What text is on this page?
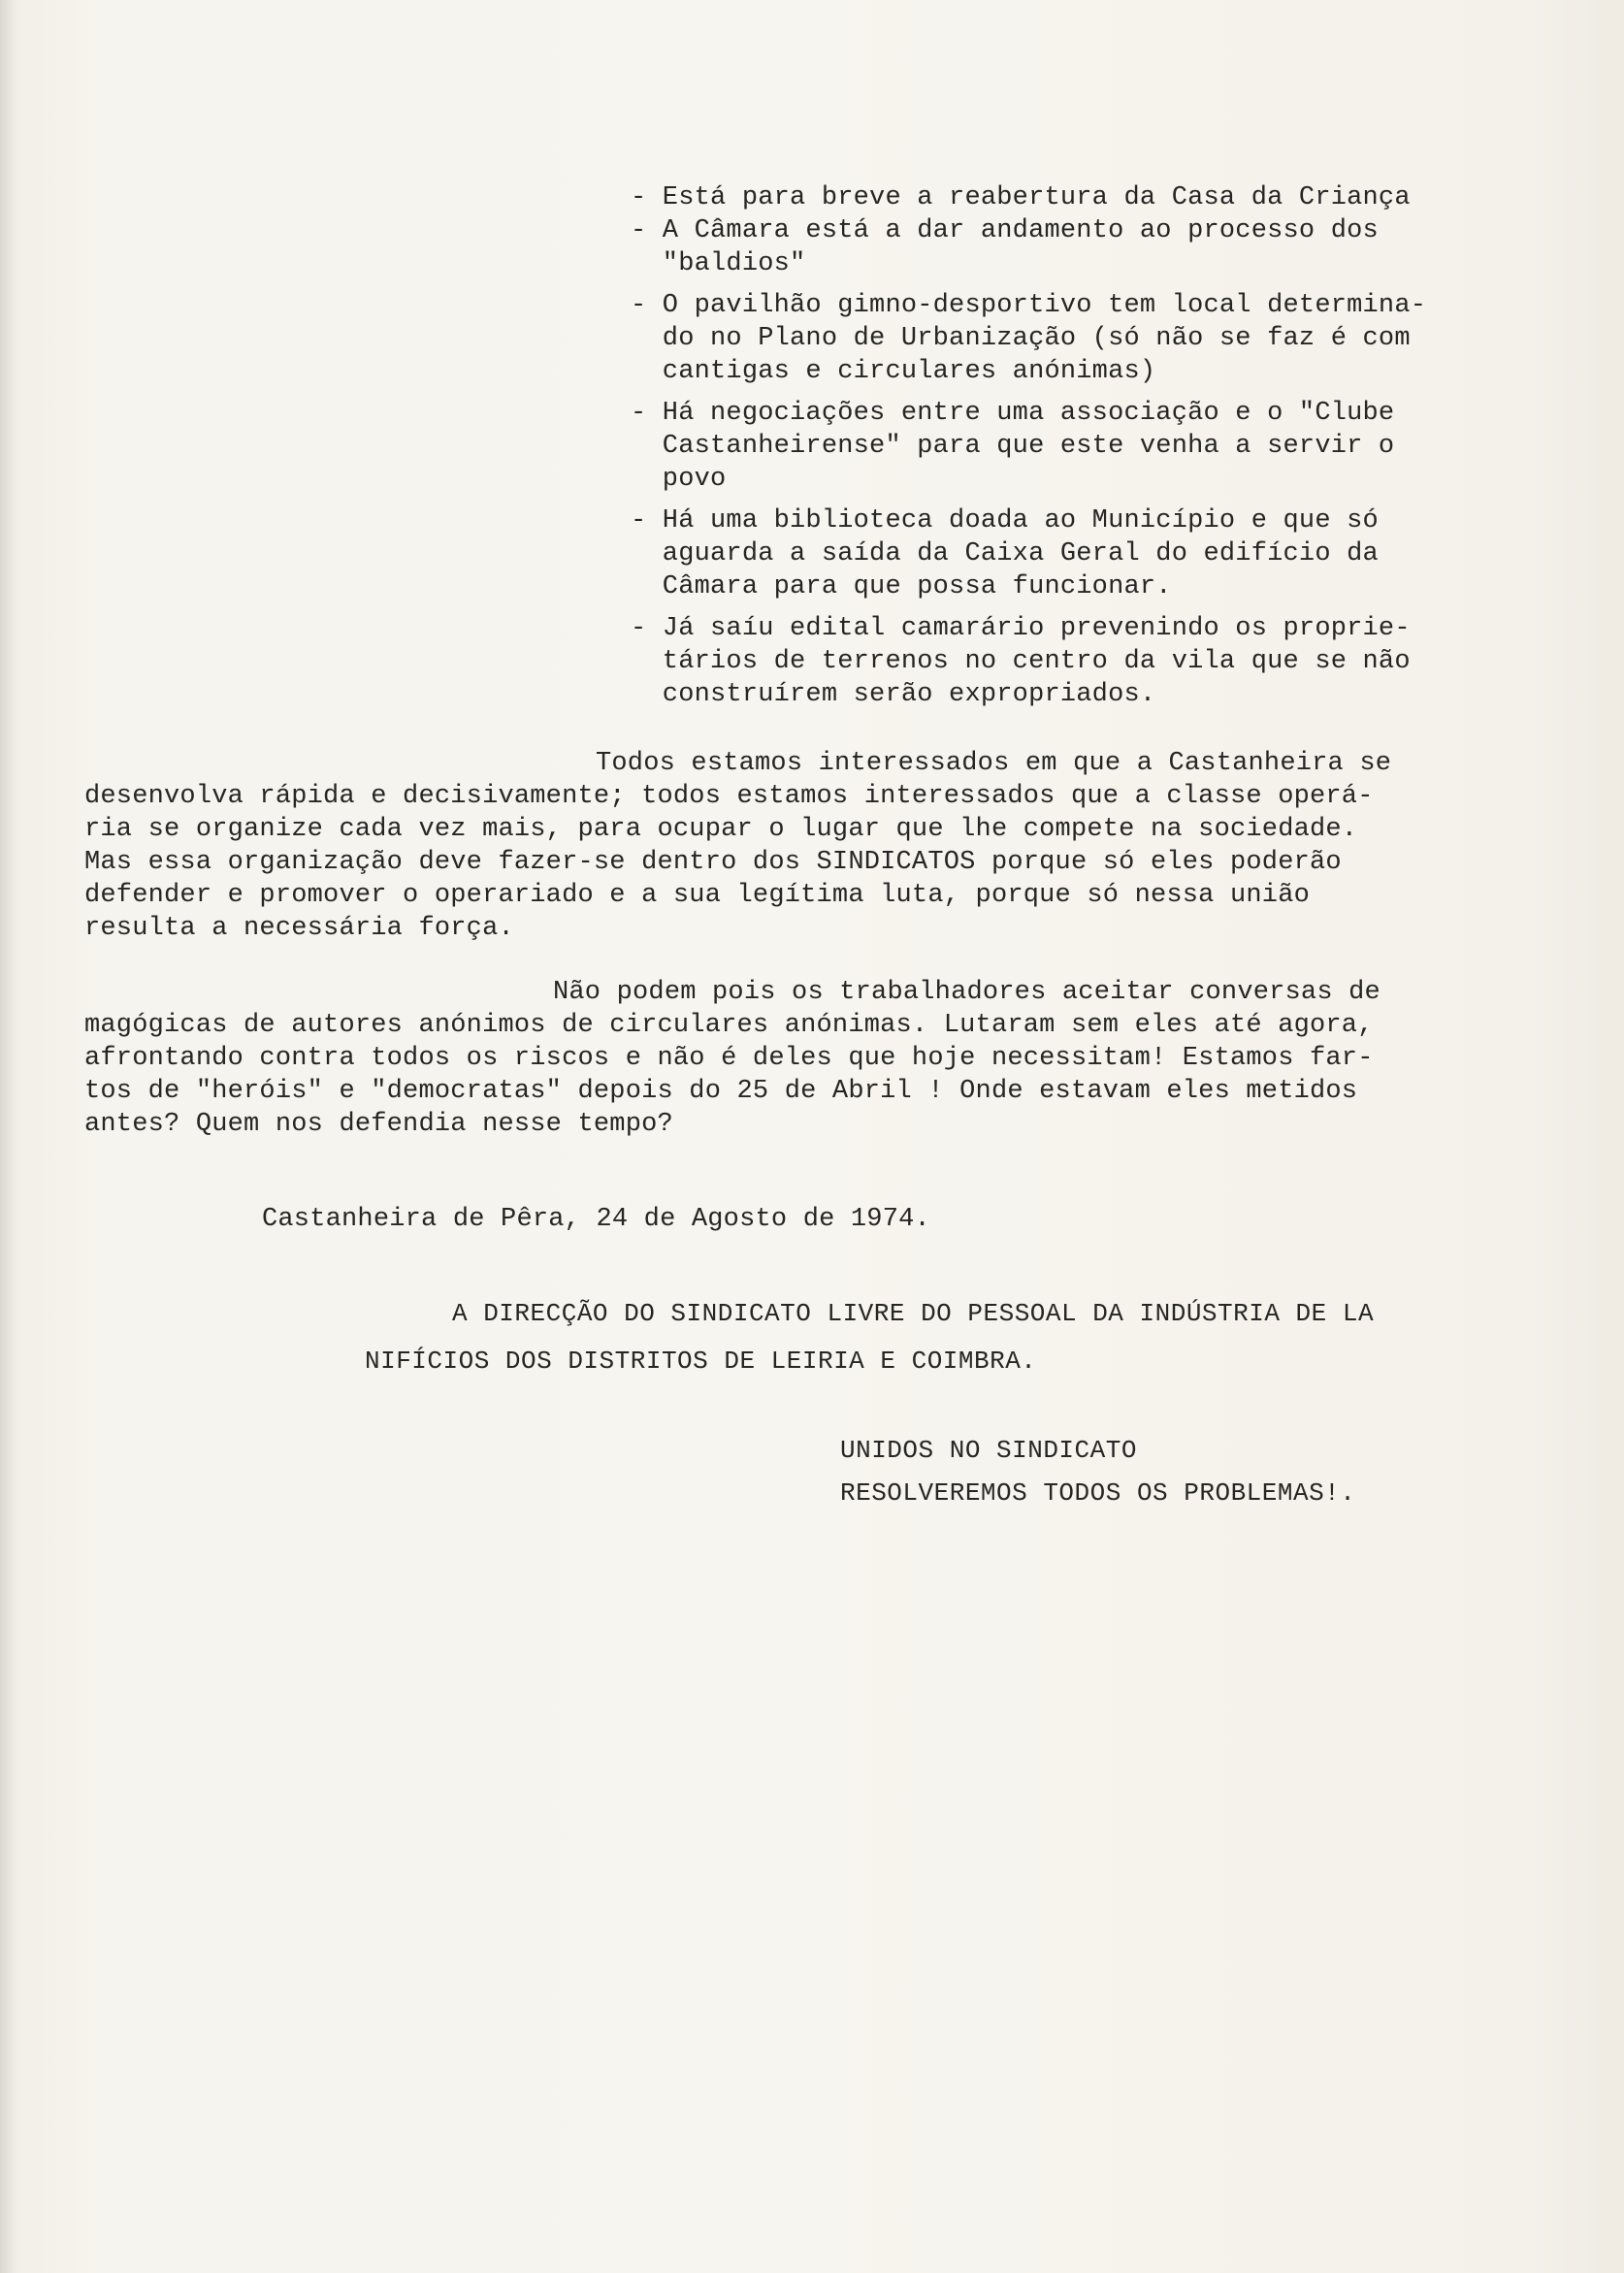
- Está para breve a reabertura da Casa da Criança
- A Câmara está a dar andamento ao processo dos
"baldios"
- O pavilhão gimno-desportivo tem local determina-
do no Plano de Urbanização (só não se faz é com
cantigas e circulares anónimas)
- Há negociações entre uma associação e o "Clube
Castanheirense" para que este venha a servir o
povo
- Há uma biblioteca doada ao Município e que só
aguarda a saída da Caixa Geral do edifício da
Câmara para que possa funcionar.
- Já saíu edital camarário prevenindo os proprie-
tários de terrenos no centro da vila que se não
construírem serão expropriados.
Todos estamos interessados em que a Castanheira se
desenvolva rápida e decisivamente; todos estamos interessados que a classe operá-
ria se organize cada vez mais, para ocupar o lugar que lhe compete na sociedade.
Mas essa organização deve fazer-se dentro dos SINDICATOS porque só eles poderão
defender e promover o operariado e a sua legítima luta, porque só nessa união
resulta a necessária força.
Não podem pois os trabalhadores aceitar conversas de
magógicas de autores anónimos de circulares anónimas. Lutaram sem eles até agora,
afrontando contra todos os riscos e não é deles que hoje necessitam! Estamos far-
tos de "heróis" e "democratas" depois do 25 de Abril ! Onde estavam eles metidos
antes? Quem nos defendia nesse tempo?
Castanheira de Pêra, 24 de Agosto de 1974.
A DIRECÇÃO DO SINDICATO LIVRE DO PESSOAL DA INDÚSTRIA DE LA
NIFÍCIOS DOS DISTRITOS DE LEIRIA E COIMBRA.
UNIDOS NO SINDICATO
RESOLVEREMOS TODOS OS PROBLEMAS!.
